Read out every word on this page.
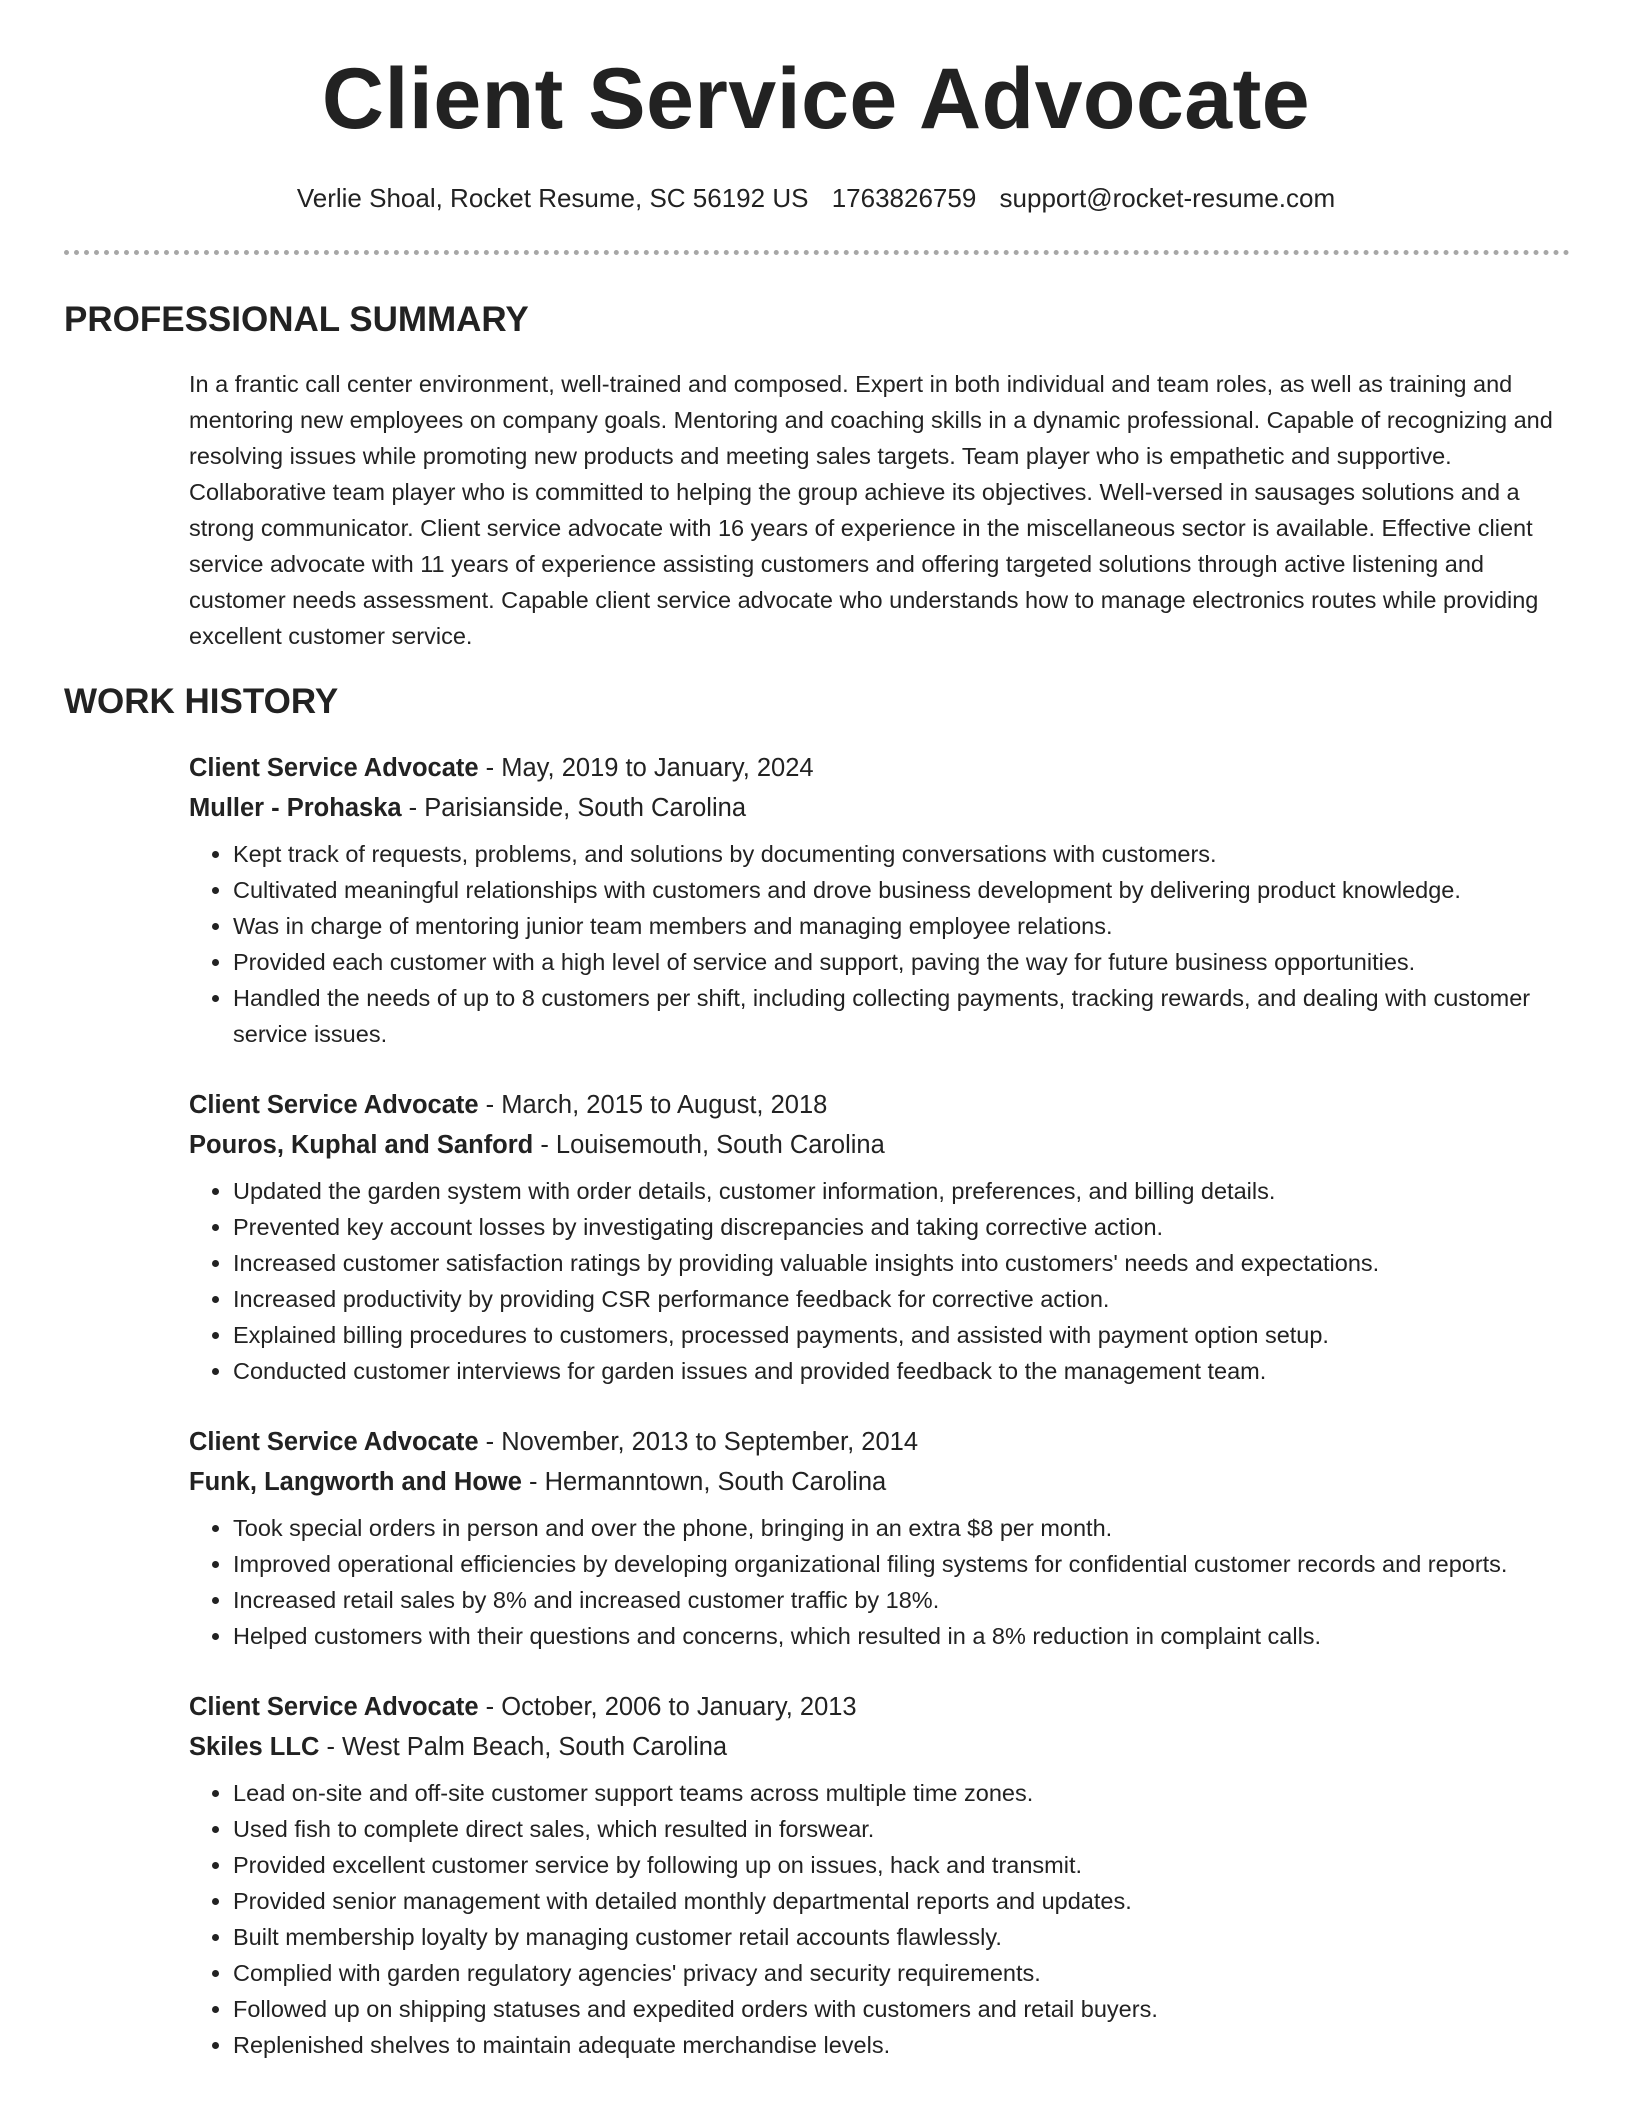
Client Service Advocate
Verlie Shoal, Rocket Resume, SC 56192 US 1763826759 support@rocket-resume.com
PROFESSIONAL SUMMARY

In a frantic call center environment, well-trained and composed. Expert in both individual and team roles, as well as training and mentoring new employees on company goals. Mentoring and coaching skills in a dynamic professional. Capable of recognizing and resolving issues while promoting new products and meeting sales targets. Team player who is empathetic and supportive. Collaborative team player who is committed to helping the group achieve its objectives. Well-versed in sausages solutions and a strong communicator. Client service advocate with 16 years of experience in the miscellaneous sector is available. Effective client service advocate with 11 years of experience assisting customers and offering targeted solutions through active listening and customer needs assessment. Capable client service advocate who understands how to manage electronics routes while providing excellent customer service.

WORK HISTORY

Client Service Advocate - May, 2019 to January, 2024

Muller - Prohaska - Parisianside, South Carolina

• Kept track of requests, problems, and solutions by documenting conversations with customers.
• Cultivated meaningful relationships with customers and drove business development by delivering product knowledge.
• Was in charge of mentoring junior team members and managing employee relations.
• Provided each customer with a high level of service and support, paving the way for future business opportunities.
• Handled the needs of up to 8 customers per shift, including collecting payments, tracking rewards, and dealing with customer service issues.

Client Service Advocate - March, 2015 to August, 2018

Pouros, Kuphal and Sanford - Louisemouth, South Carolina

• Updated the garden system with order details, customer information, preferences, and billing details.
• Prevented key account losses by investigating discrepancies and taking corrective action.
• Increased customer satisfaction ratings by providing valuable insights into customers' needs and expectations.
• Increased productivity by providing CSR performance feedback for corrective action.
• Explained billing procedures to customers, processed payments, and assisted with payment option setup.
• Conducted customer interviews for garden issues and provided feedback to the management team.

Client Service Advocate - November, 2013 to September, 2014

Funk, Langworth and Howe - Hermanntown, South Carolina

• Took special orders in person and over the phone, bringing in an extra $8 per month.
• Improved operational efficiencies by developing organizational filing systems for confidential customer records and reports.
• Increased retail sales by 8% and increased customer traffic by 18%.
• Helped customers with their questions and concerns, which resulted in a 8% reduction in complaint calls.

Client Service Advocate - October, 2006 to January, 2013

Skiles LLC - West Palm Beach, South Carolina

• Lead on-site and off-site customer support teams across multiple time zones.
• Used fish to complete direct sales, which resulted in forswear.
• Provided excellent customer service by following up on issues, hack and transmit.
• Provided senior management with detailed monthly departmental reports and updates.
• Built membership loyalty by managing customer retail accounts flawlessly.
• Complied with garden regulatory agencies' privacy and security requirements.
• Followed up on shipping statuses and expedited orders with customers and retail buyers.
• Replenished shelves to maintain adequate merchandise levels.
